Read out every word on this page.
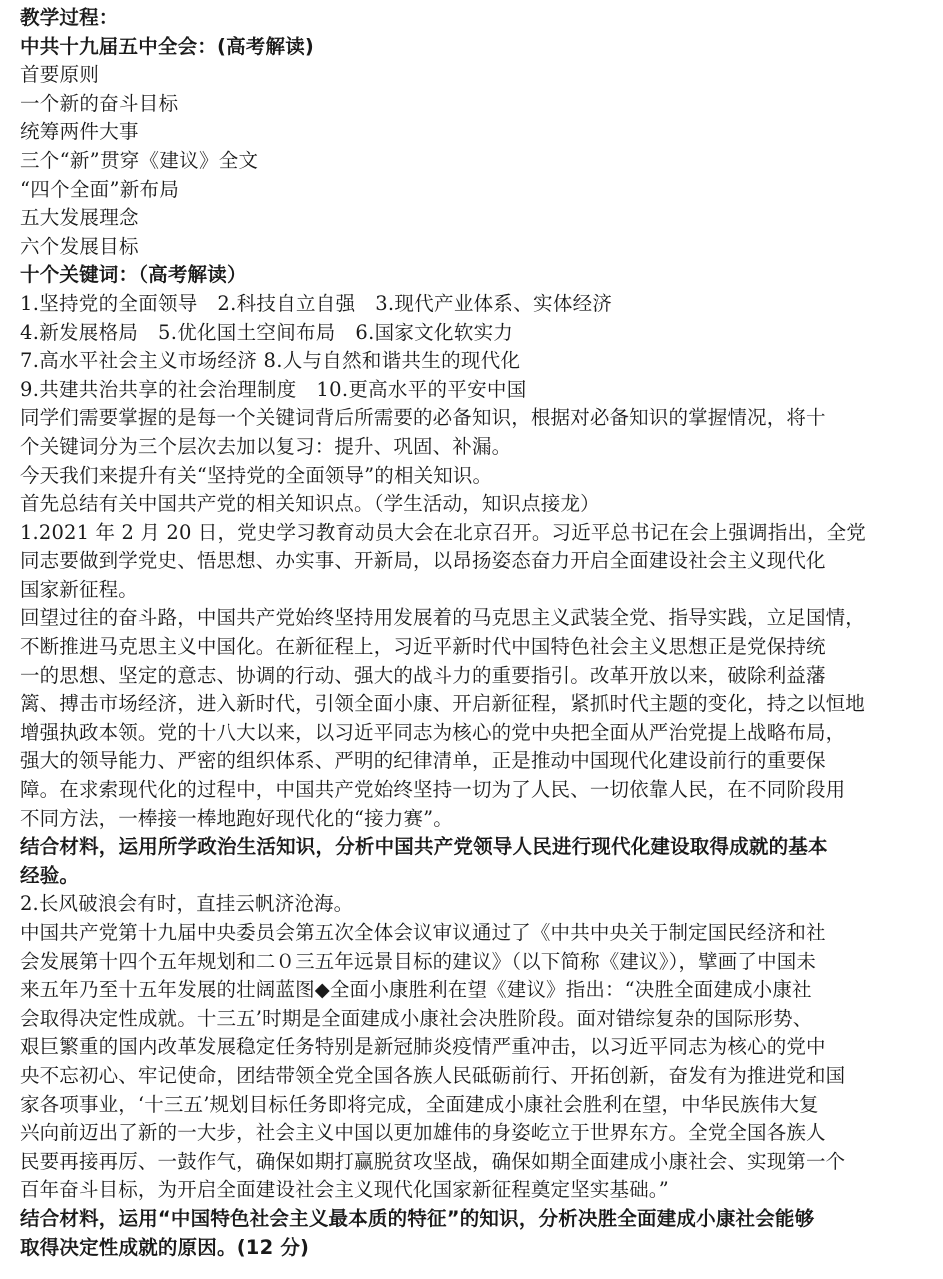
教学过程：
中共十九届五中全会：(高考解读)
首要原则
一个新的奋斗目标
统筹两件大事
三个“新”贯穿《建议》全文
“四个全面”新布局
五大发展理念
六个发展目标
十个关键词：（高考解读）
1.坚持党的全面领导　2.科技自立自强　3.现代产业体系、实体经济
4.新发展格局　5.优化国土空间布局　6.国家文化软实力
7.高水平社会主义市场经济 8.人与自然和谐共生的现代化
9.共建共治共享的社会治理制度　10.更高水平的平安中国
同学们需要掌握的是每一个关键词背后所需要的必备知识，根据对必备知识的掌握情况，将十
个关键词分为三个层次去加以复习：提升、巩固、补漏。
今天我们来提升有关“坚持党的全面领导”的相关知识。
首先总结有关中国共产党的相关知识点。（学生活动，知识点接龙）
1.2021 年 2 月 20 日，党史学习教育动员大会在北京召开。习近平总书记在会上强调指出，全党
同志要做到学党史、悟思想、办实事、开新局，以昂扬姿态奋力开启全面建设社会主义现代化
国家新征程。
回望过往的奋斗路，中国共产党始终坚持用发展着的马克思主义武装全党、指导实践，立足国情，
不断推进马克思主义中国化。在新征程上，习近平新时代中国特色社会主义思想正是党保持统
一的思想、坚定的意志、协调的行动、强大的战斗力的重要指引。改革开放以来，破除利益藩
篱、搏击市场经济，进入新时代，引领全面小康、开启新征程，紧抓时代主题的变化，持之以恒地
增强执政本领。党的十八大以来，以习近平同志为核心的党中央把全面从严治党提上战略布局，
强大的领导能力、严密的组织体系、严明的纪律清单，正是推动中国现代化建设前行的重要保
障。在求索现代化的过程中，中国共产党始终坚持一切为了人民、一切依靠人民，在不同阶段用
不同方法，一棒接一棒地跑好现代化的“接力赛”。
结合材料，运用所学政治生活知识，分析中国共产党领导人民进行现代化建设取得成就的基本
经验。
2.长风破浪会有时，直挂云帆济沧海。
中国共产党第十九届中央委员会第五次全体会议审议通过了《中共中央关于制定国民经济和社
会发展第十四个五年规划和二０三五年远景目标的建议》（以下简称《建议》），擘画了中国未
来五年乃至十五年发展的壮阔蓝图◆全面小康胜利在望《建议》指出：“决胜全面建成小康社
会取得决定性成就。十三五’时期是全面建成小康社会决胜阶段。面对错综复杂的国际形势、
艰巨繁重的国内改革发展稳定任务特别是新冠肺炎疫情严重冲击，以习近平同志为核心的党中
央不忘初心、牢记使命，团结带领全党全国各族人民砥砺前行、开拓创新，奋发有为推进党和国
家各项事业，‘十三五’规划目标任务即将完成，全面建成小康社会胜利在望，中华民族伟大复
兴向前迈出了新的一大步，社会主义中国以更加雄伟的身姿屹立于世界东方。全党全国各族人
民要再接再厉、一鼓作气，确保如期打赢脱贫攻坚战，确保如期全面建成小康社会、实现第一个
百年奋斗目标，为开启全面建设社会主义现代化国家新征程奠定坚实基础。”
结合材料，运用“中国特色社会主义最本质的特征”的知识，分析决胜全面建成小康社会能够
取得决定性成就的原因。(12 分)
